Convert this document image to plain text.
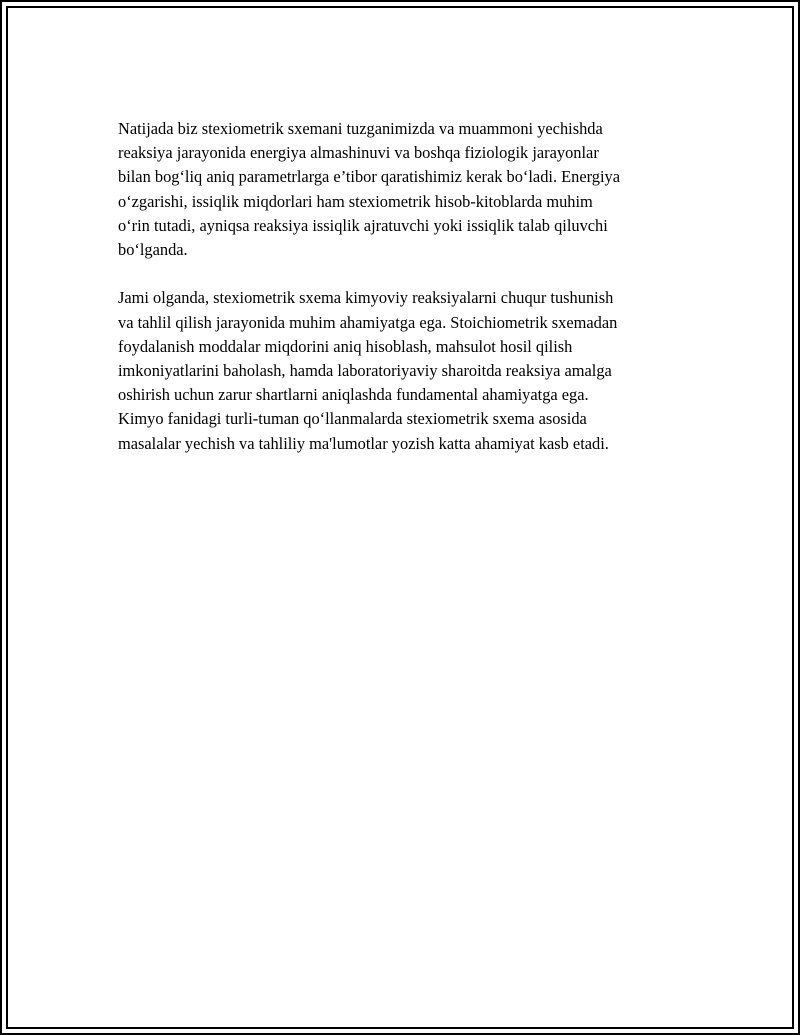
Natijada biz stexiometrik sxemani tuzganimizda va muammoni yechishda
reaksiya jarayonida energiya almashinuvi va boshqa fiziologik jarayonlar
bilan bog‘liq aniq parametrlarga e’tibor qaratishimiz kerak bo‘ladi. Energiya
o‘zgarishi, issiqlik miqdorlari ham stexiometrik hisob-kitoblarda muhim
o‘rin tutadi, ayniqsa reaksiya issiqlik ajratuvchi yoki issiqlik talab qiluvchi
bo‘lganda.

Jami olganda, stexiometrik sxema kimyoviy reaksiyalarni chuqur tushunish
va tahlil qilish jarayonida muhim ahamiyatga ega. Stoichiometrik sxemadan
foydalanish moddalar miqdorini aniq hisoblash, mahsulot hosil qilish
imkoniyatlarini baholash, hamda laboratoriyaviy sharoitda reaksiya amalga
oshirish uchun zarur shartlarni aniqlashda fundamental ahamiyatga ega.
Kimyo fanidagi turli-tuman qo‘llanmalarda stexiometrik sxema asosida
masalalar yechish va tahliliy ma'lumotlar yozish katta ahamiyat kasb etadi.
